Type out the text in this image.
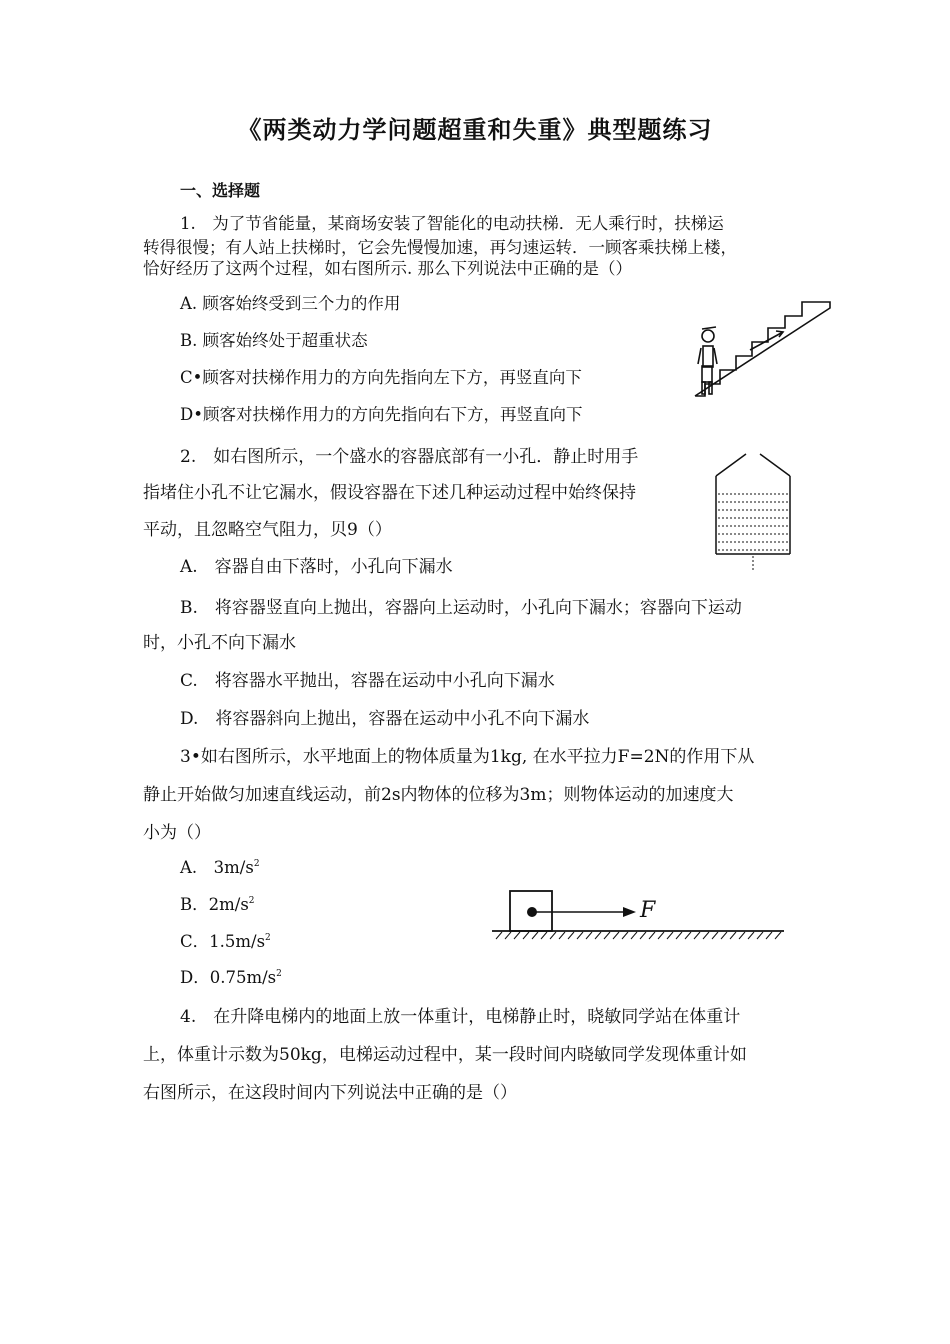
《两类动力学问题超重和失重》典型题练习
一、选择题
1.　为了节省能量，某商场安装了智能化的电动扶梯．无人乘行时，扶梯运
转得很慢；有人站上扶梯时，它会先慢慢加速，再匀速运转．一顾客乘扶梯上楼，
恰好经历了这两个过程，如右图所示. 那么下列说法中正确的是（）
A. 顾客始终受到三个力的作用
B. 顾客始终处于超重状态
C•顾客对扶梯作用力的方向先指向左下方，再竖直向下
D•顾客对扶梯作用力的方向先指向右下方，再竖直向下
2.　如右图所示，一个盛水的容器底部有一小孔．静止时用手
指堵住小孔不让它漏水，假设容器在下述几种运动过程中始终保持
平动，且忽略空气阻力，贝9（）
A.　容器自由下落时，小孔向下漏水
B.　将容器竖直向上抛出，容器向上运动时，小孔向下漏水；容器向下运动
时，小孔不向下漏水
C.　将容器水平抛出，容器在运动中小孔向下漏水
D.　将容器斜向上抛出，容器在运动中小孔不向下漏水
3•如右图所示，水平地面上的物体质量为1kg, 在水平拉力F=2N的作用下从
静止开始做匀加速直线运动，前2s内物体的位移为3m；则物体运动的加速度大
小为（）
A.　$3m/s^2$
B．$2m/s^2$
C．$1.5m/s^2$
D．$0.75m/s^2$
F
4.　在升降电梯内的地面上放一体重计，电梯静止时，晓敏同学站在体重计
上，体重计示数为50kg，电梯运动过程中，某一段时间内晓敏同学发现体重计如
右图所示，在这段时间内下列说法中正确的是（）
